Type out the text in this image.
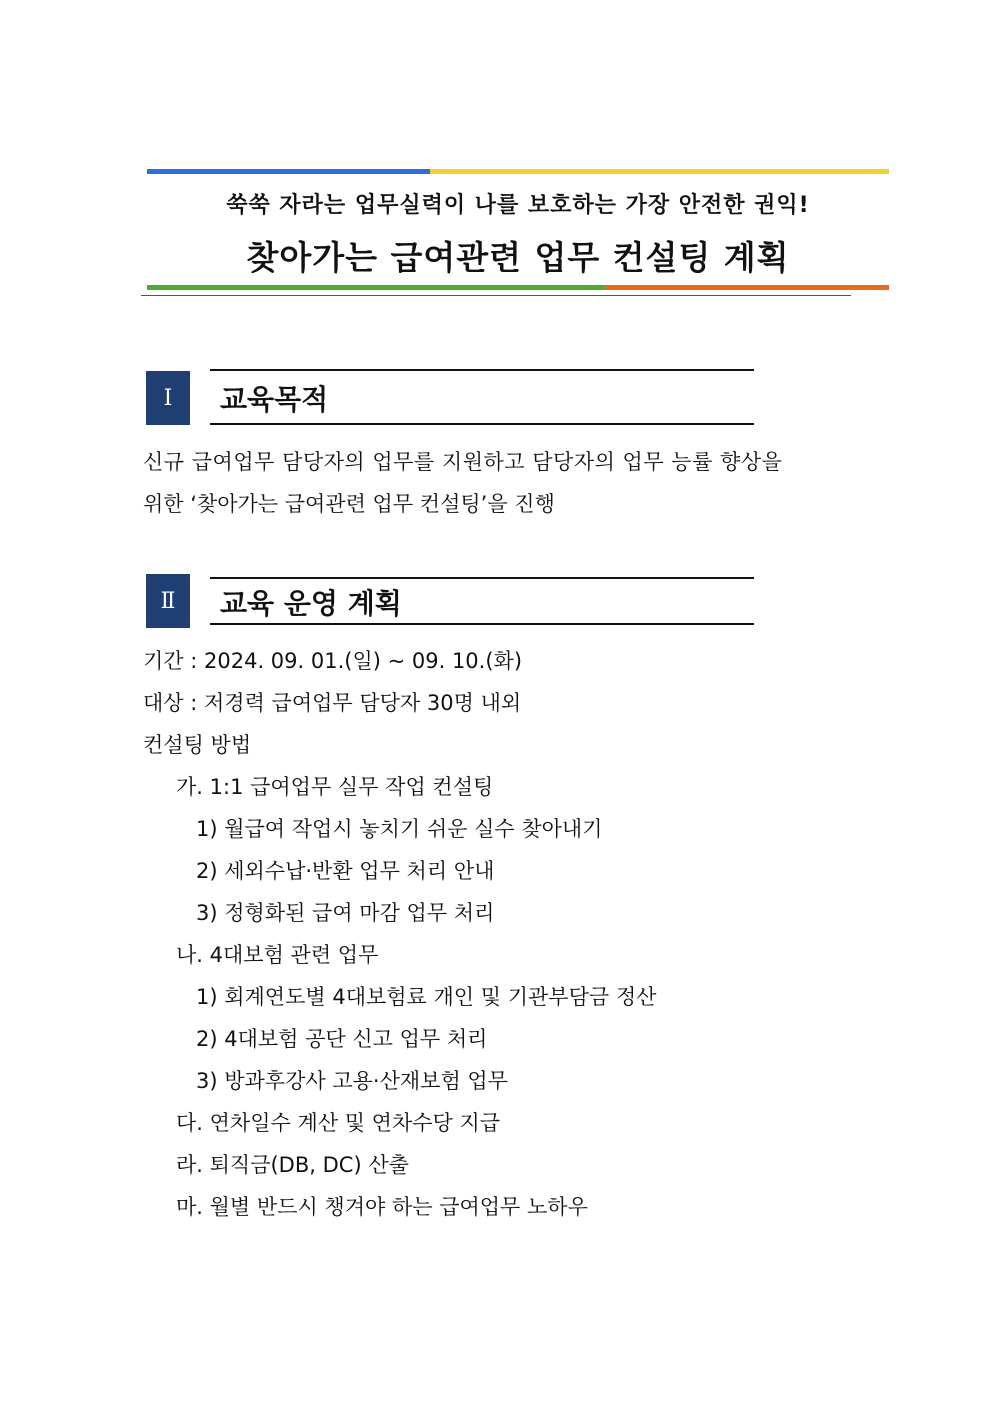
쑥쑥 자라는 업무실력이 나를 보호하는 가장 안전한 권익!
찾아가는 급여관련 업무 컨설팅 계획
Ⅰ	교육목적
신규 급여업무 담당자의 업무를 지원하고 담당자의 업무 능률 향상을
위한 ‘찾아가는 급여관련 업무 컨설팅’을 진행
Ⅱ	교육 운영 계획
기간 : 2024. 09. 01.(일) ~ 09. 10.(화)
대상 : 저경력 급여업무 담당자 30명 내외
컨설팅 방법
가. 1:1 급여업무 실무 작업 컨설팅
1) 월급여 작업시 놓치기 쉬운 실수 찾아내기
2) 세외수납·반환 업무 처리 안내
3) 정형화된 급여 마감 업무 처리
나. 4대보험 관련 업무
1) 회계연도별 4대보험료 개인 및 기관부담금 정산
2) 4대보험 공단 신고 업무 처리
3) 방과후강사 고용·산재보험 업무
다. 연차일수 계산 및 연차수당 지급
라. 퇴직금(DB, DC) 산출
마. 월별 반드시 챙겨야 하는 급여업무 노하우
